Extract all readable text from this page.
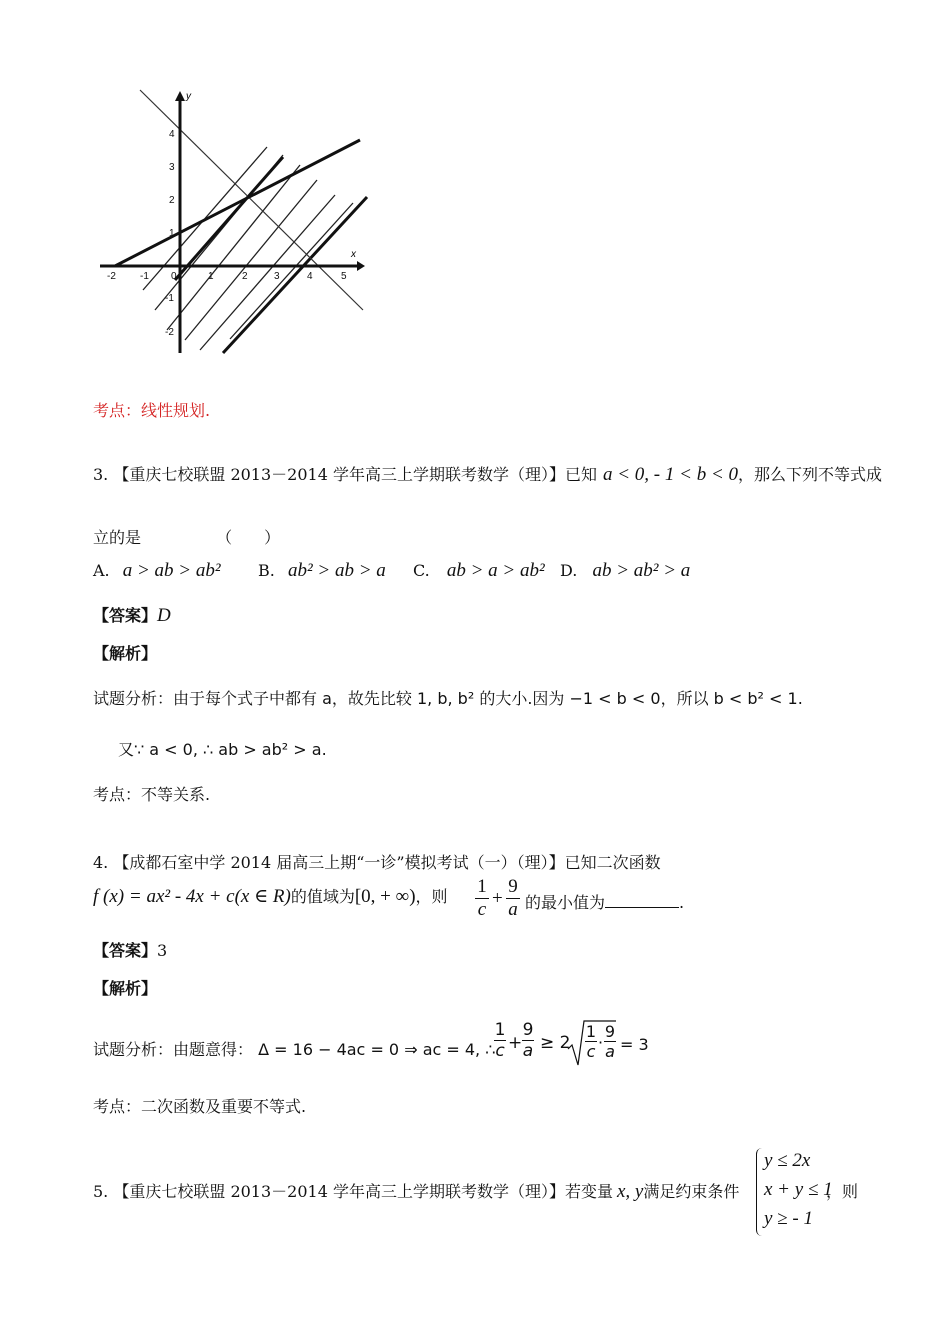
y
x
4
3
2
1
-1
-2
-2 -1 0	1	2	3	4	5
考点：线性规划.
3. 【重庆七校联盟 2013－2014 学年高三上学期联考数学（理）】已知 a < 0, - 1 < b < 0，那么下列不等式成
立的是	（　　）
A. a > ab > ab² B. ab² > ab > a C. ab > a > ab² D. ab > ab² > a
【答案】D
【解析】
试题分析：由于每个式子中都有 a，故先比较 1, b, b² 的大小.因为 −1 < b < 0，所以 b < b² < 1.
又∵ a < 0, ∴ ab > ab² > a.
考点：不等关系.
4. 【成都石室中学 2014 届高三上期“一诊”模拟考试（一）（理）】已知二次函数
f (x) = ax² - 4x + c(x ∈ R)的值域为[0, + ∞)，则 $\frac{1}{c} + \frac{9}{a}$ 的最小值为	.
【答案】3
【解析】
试题分析：由题意得： Δ = 16 − 4ac = 0 ⇒ ac = 4, ∴
$\frac{1}{c} + \frac{9}{a} \ge 2 \frac{1}{c} \cdot \frac{9}{a} = 3$
考点：二次函数及重要不等式.
5. 【重庆七校联盟 2013－2014 学年高三上学期联考数学（理）】若变量 x, y满足约束条件
y ≤ 2x
x + y ≤ 1
y ≥ - 1
，则
